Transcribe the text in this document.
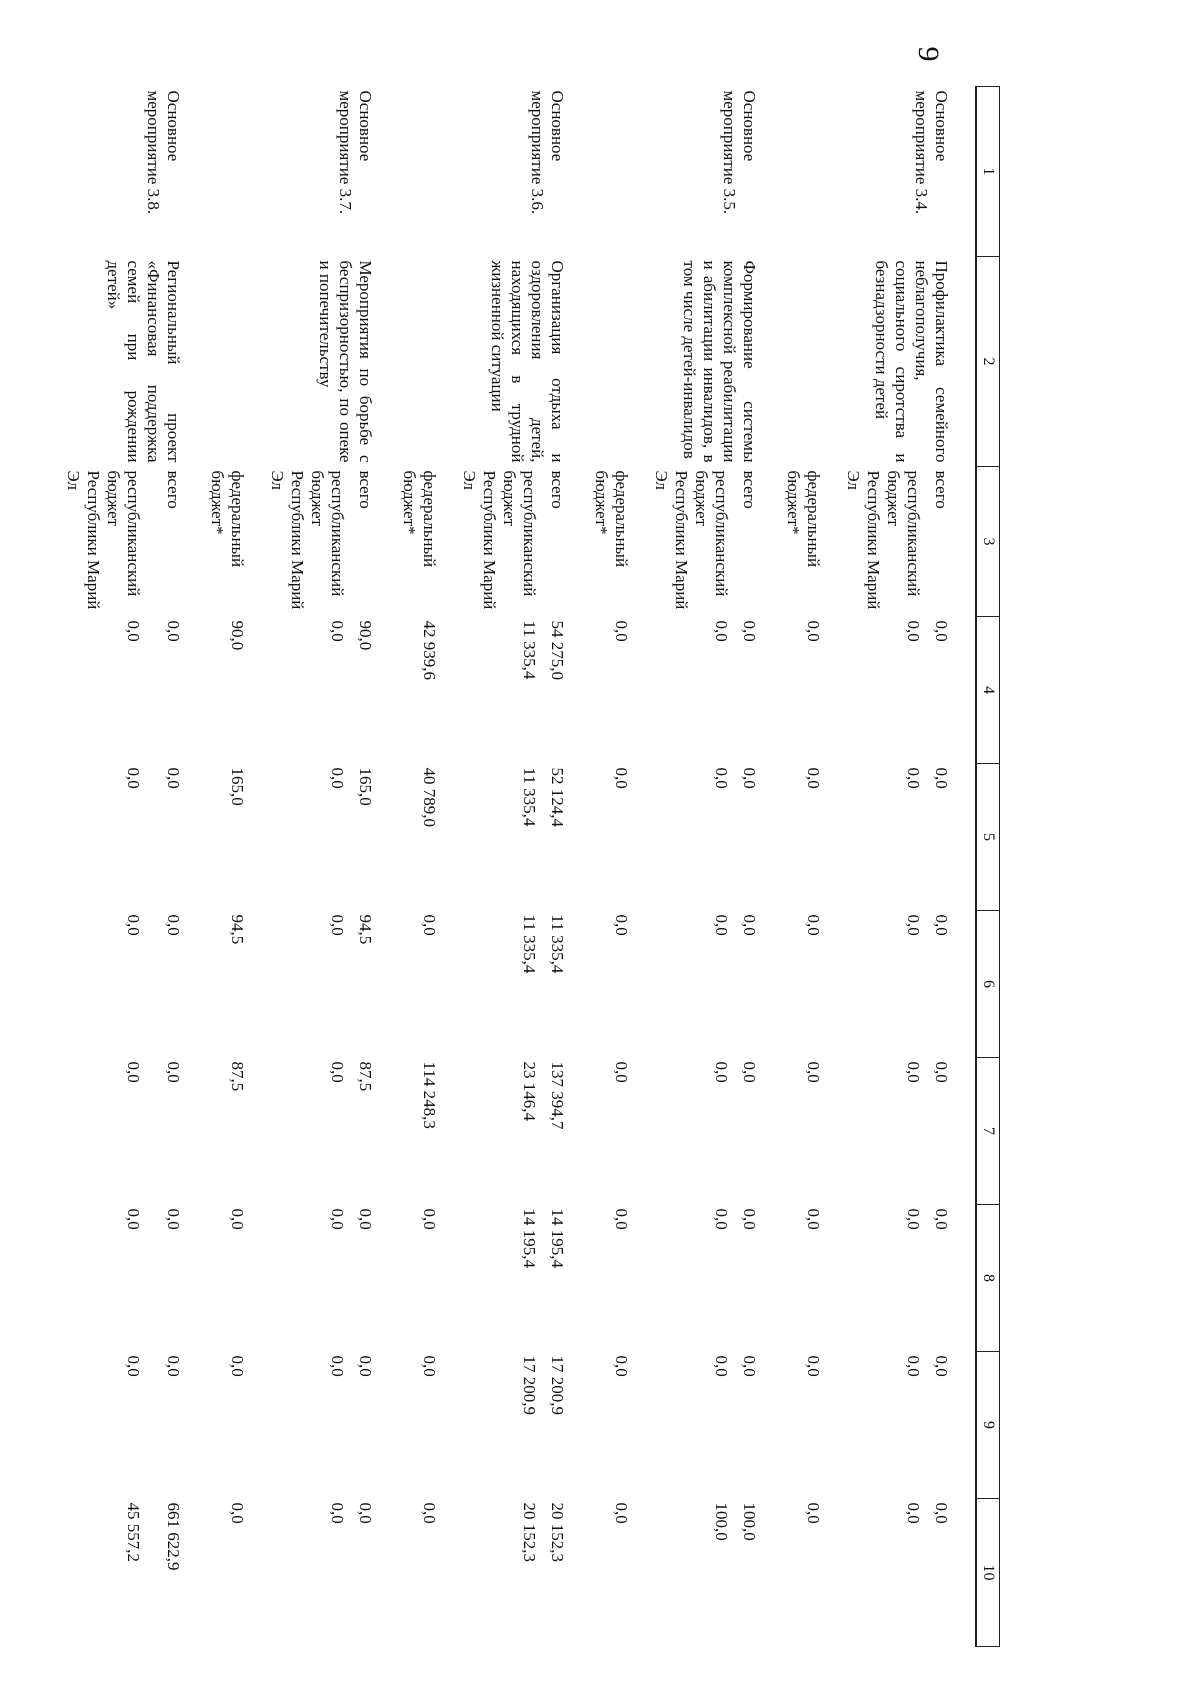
9
1	2	3	4	5	6	7	8	9	10
Основное мероприятие 3.4.	Профилактика семейного неблагополучия, социального сиротства и безнадзорности детей	всего	0,0	0,0	0,0	0,0	0,0	0,0	0,0
		республиканский бюджет Республики Марий Эл	0,0	0,0	0,0	0,0	0,0	0,0	0,0
		федеральный бюджет*	0,0	0,0	0,0	0,0	0,0	0,0	0,0
Основное мероприятие 3.5.	Формирование системы комплексной реабилитации и абилитации инвалидов, в том числе детей-инвалидов	всего	0,0	0,0	0,0	0,0	0,0	0,0	100,0
		республиканский бюджет Республики Марий Эл	0,0	0,0	0,0	0,0	0,0	0,0	100,0
		федеральный бюджет*	0,0	0,0	0,0	0,0	0,0	0,0	0,0
Основное мероприятие 3.6.	Организация отдыха и оздоровления детей, находящихся в трудной жизненной ситуации	всего	54 275,0	52 124,4	11 335,4	137 394,7	14 195,4	17 200,9	20 152,3
		республиканский бюджет Республики Марий Эл	11 335,4	11 335,4	11 335,4	23 146,4	14 195,4	17 200,9	20 152,3
		федеральный бюджет*	42 939,6	40 789,0	0,0	114 248,3	0,0	0,0	0,0
Основное мероприятие 3.7.	Мероприятия по борьбе с беспризорностью, по опеке и попечительству	всего	90,0	165,0	94,5	87,5	0,0	0,0	0,0
		республиканский бюджет Республики Марий Эл	0,0	0,0	0,0	0,0	0,0	0,0	0,0
		федеральный бюджет*	90,0	165,0	94,5	87,5	0,0	0,0	0,0
Основное мероприятие 3.8.	Региональный проект «Финансовая поддержка семей при рождении детей»	всего	0,0	0,0	0,0	0,0	0,0	0,0	661 622,9
		республиканский бюджет Республики Марий Эл	0,0	0,0	0,0	0,0	0,0	0,0	45 557,2
